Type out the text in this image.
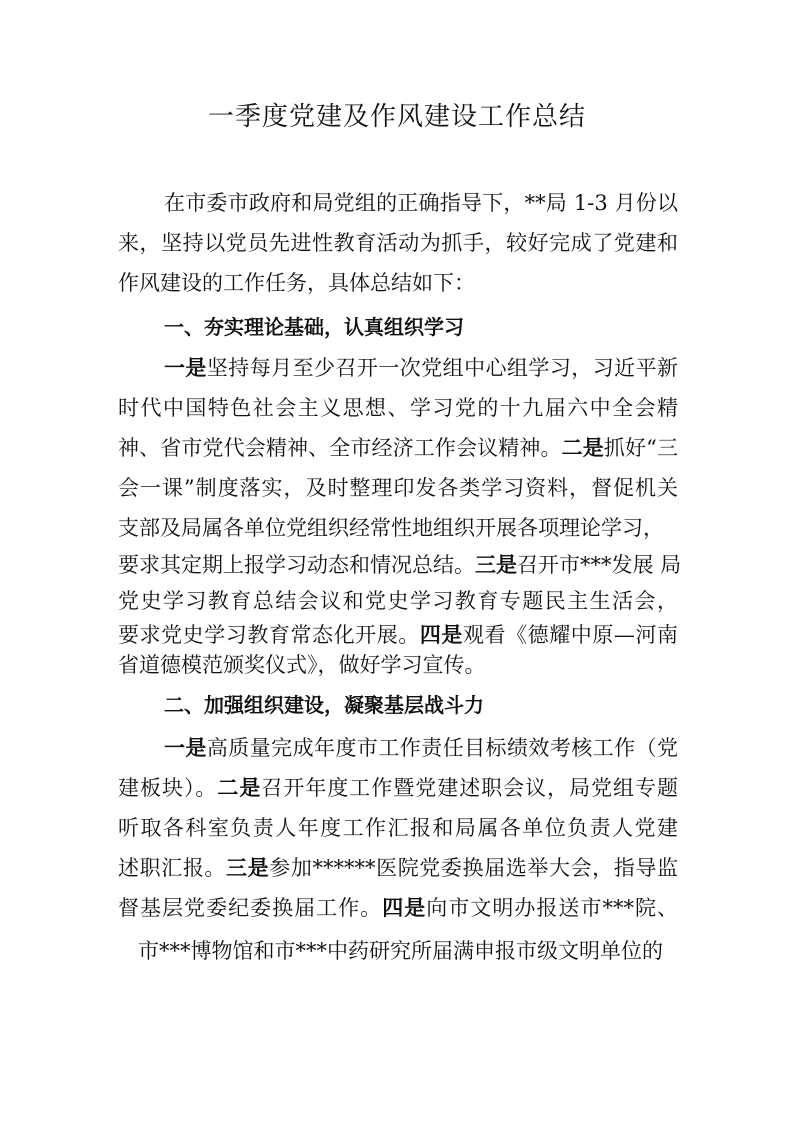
一季度党建及作风建设工作总结
在市委市政府和局党组的正确指导下，**局 1-3 月份以
来，坚持以党员先进性教育活动为抓手，较好完成了党建和
作风建设的工作任务，具体总结如下：
一、夯实理论基础，认真组织学习
一是坚持每月至少召开一次党组中心组学习，习近平新
时代中国特色社会主义思想、学习党的十九届六中全会精
神、省市党代会精神、全市经济工作会议精神。二是抓好“三
会一课”制度落实，及时整理印发各类学习资料，督促机关
支部及局属各单位党组织经常性地组织开展各项理论学习，
要求其定期上报学习动态和情况总结。三是召开市***发展 局
党史学习教育总结会议和党史学习教育专题民主生活会，
要求党史学习教育常态化开展。四是观看《德耀中原—河南
省道德模范颁奖仪式》，做好学习宣传。
二、加强组织建设，凝聚基层战斗力
一是高质量完成年度市工作责任目标绩效考核工作（党
建板块）。二是召开年度工作暨党建述职会议，局党组专题
听取各科室负责人年度工作汇报和局属各单位负责人党建
述职汇报。三是参加******医院党委换届选举大会，指导监
督基层党委纪委换届工作。四是向市文明办报送市***院、
市***博物馆和市***中药研究所届满申报市级文明单位的
